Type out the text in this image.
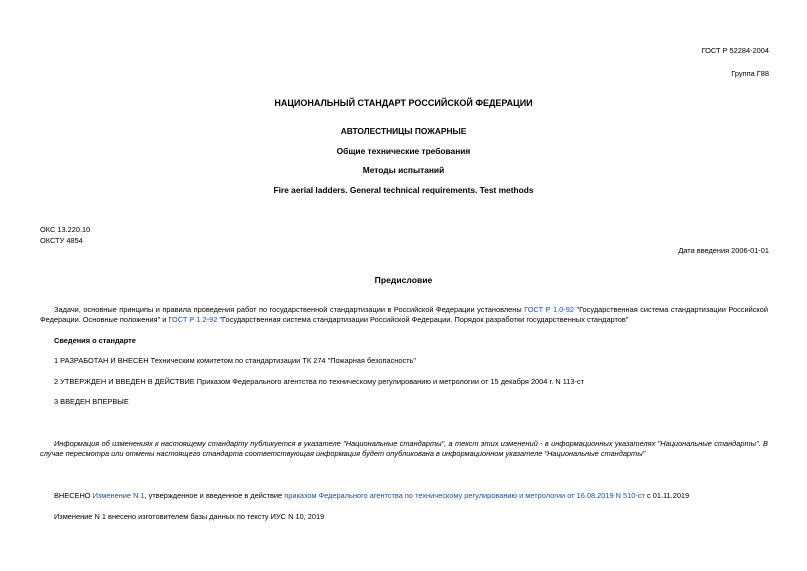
ГОСТ Р 52284-2004
Группа Г88
НАЦИОНАЛЬНЫЙ СТАНДАРТ РОССИЙСКОЙ ФЕДЕРАЦИИ
АВТОЛЕСТНИЦЫ ПОЖАРНЫЕ
Общие технические требования
Методы испытаний
Fire aerial ladders. General technical requirements. Test methods
ОКС 13.220.10
ОКСТУ 4854
Дата введения 2006-01-01
Предисловие
Задачи, основные принципы и правила проведения работ по государственной стандартизации в Российской Федерации установлены ГОСТ Р 1.0-92 "Государственная система стандартизации Российской Федерации. Основные положения" и ГОСТ Р 1.2-92 "Государственная система стандартизации Российской Федерации. Порядок разработки государственных стандартов"
Сведения о стандарте
1 РАЗРАБОТАН И ВНЕСЕН Техническим комитетом по стандартизации ТК 274 "Пожарная безопасность"
2 УТВЕРЖДЕН И ВВЕДЕН В ДЕЙСТВИЕ Приказом Федерального агентства по техническому регулированию и метрологии от 15 декабря 2004 г. N 113-ст
3 ВВЕДЕН ВПЕРВЫЕ
Информация об изменениях к настоящему стандарту публикуется в указателе "Национальные стандарты", а текст этих изменений - в информационных указателях "Национальные стандарты". В случае пересмотра или отмены настоящего стандарта соответствующая информация будет опубликована в информационном указателе "Национальные стандарты"
ВНЕСЕНО Изменение N 1, утвержденное и введенное в действие приказом Федерального агентства по техническому регулированию и метрологии от 16.08.2019 N 510-ст с 01.11.2019
Изменение N 1 внесено изготовителем базы данных по тексту ИУС N 10, 2019
